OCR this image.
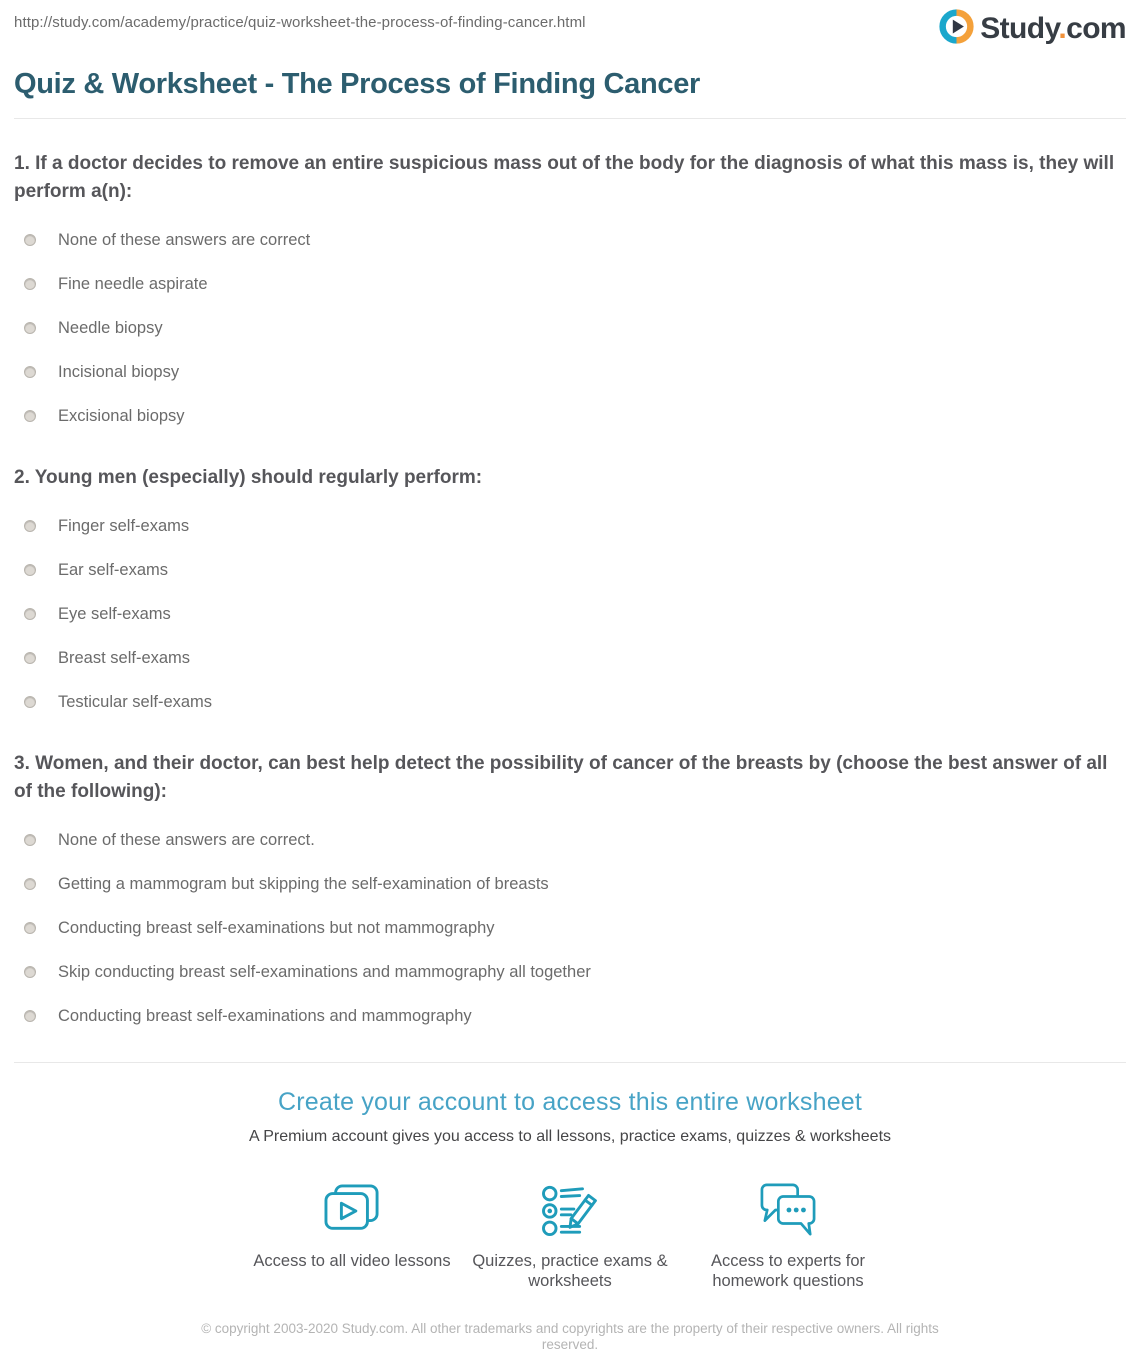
http://study.com/academy/practice/quiz-worksheet-the-process-of-finding-cancer.html	Study.com
Quiz & Worksheet - The Process of Finding Cancer
1. If a doctor decides to remove an entire suspicious mass out of the body for the diagnosis of what this mass is, they will perform a(n):
None of these answers are correct
Fine needle aspirate
Needle biopsy
Incisional biopsy
Excisional biopsy
2. Young men (especially) should regularly perform:
Finger self-exams
Ear self-exams
Eye self-exams
Breast self-exams
Testicular self-exams
3. Women, and their doctor, can best help detect the possibility of cancer of the breasts by (choose the best answer of all of the following):
None of these answers are correct.
Getting a mammogram but skipping the self-examination of breasts
Conducting breast self-examinations but not mammography
Skip conducting breast self-examinations and mammography all together
Conducting breast self-examinations and mammography
Create your account to access this entire worksheet

A Premium account gives you access to all lessons, practice exams, quizzes & worksheets

Access to all video lessons Quizzes, practice exams & worksheets
Access to experts for homework questions
© copyright 2003-2020 Study.com. All other trademarks and copyrights are the property of their respective owners. All rights reserved.
